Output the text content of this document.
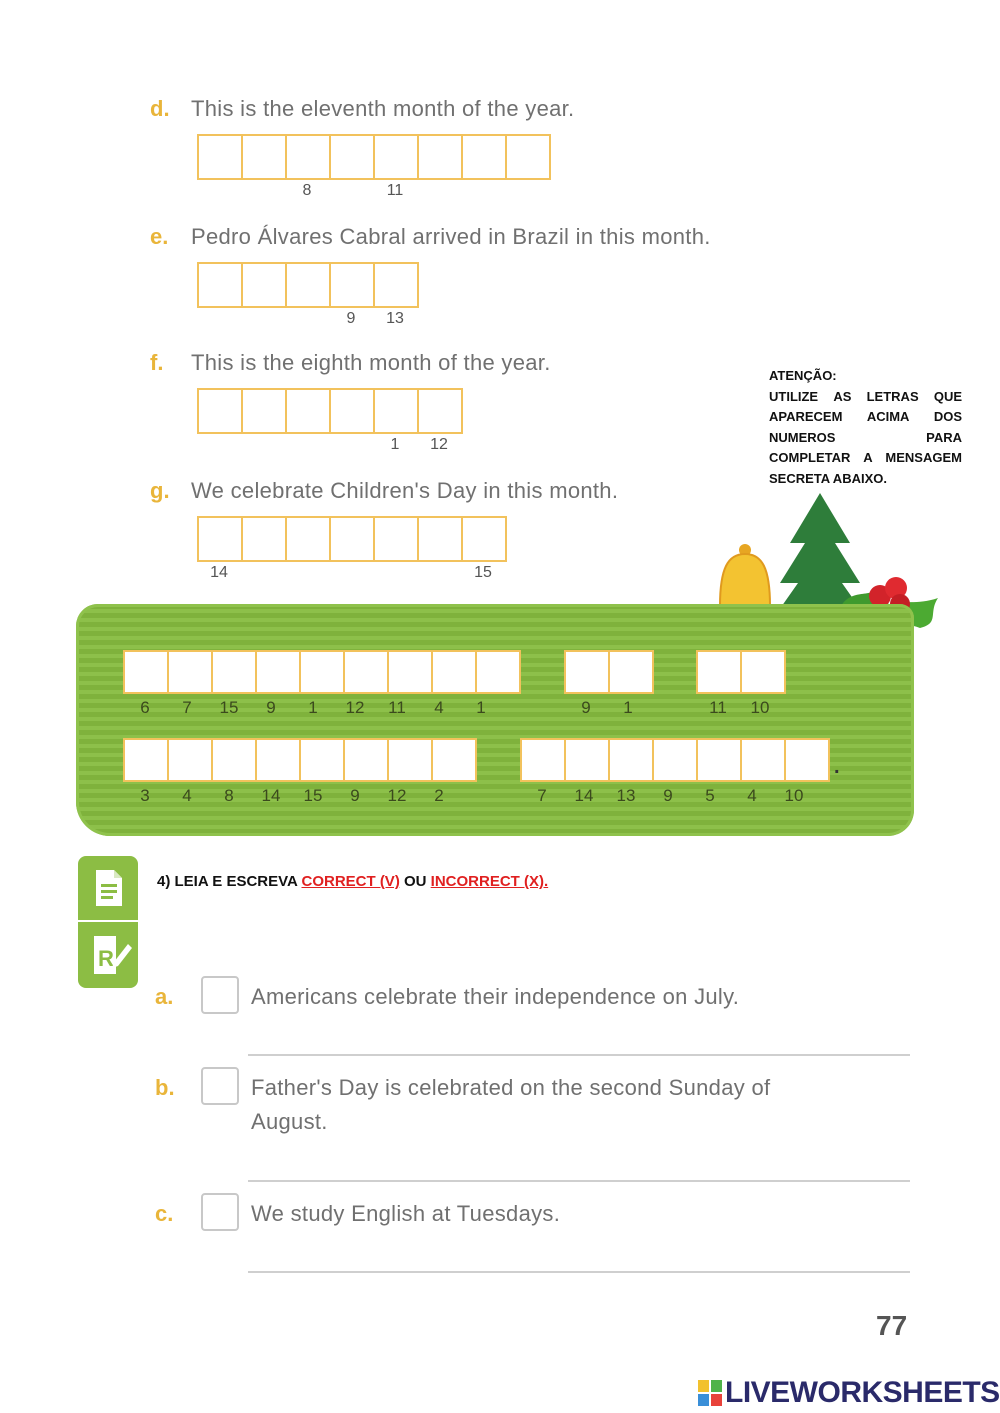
d. This is the eleventh month of the year.
8	11
e. Pedro Álvares Cabral arrived in Brazil in this month.
9	13
f. This is the eighth month of the year.
1	12
g. We celebrate Children's Day in this month.
14	15
ATENÇÃO:
UTILIZE AS LETRAS QUE
APARECEM ACIMA DOS
NUMEROS	PARA
COMPLETAR A MENSAGEM
SECRETA ABAIXO.
6	7	15	9	1	12	11	4	1	9	1	11	10
3	4	8	14	15	9	12	2	7	14	13	9	5	4	10
.
R
4) LEIA E ESCREVA CORRECT (V) OU INCORRECT (X).
a.	Americans celebrate their independence on July.
b.	Father's Day is celebrated on the second Sunday of
August.
c.	We study English at Tuesdays.
77
LIVEWORKSHEETS
